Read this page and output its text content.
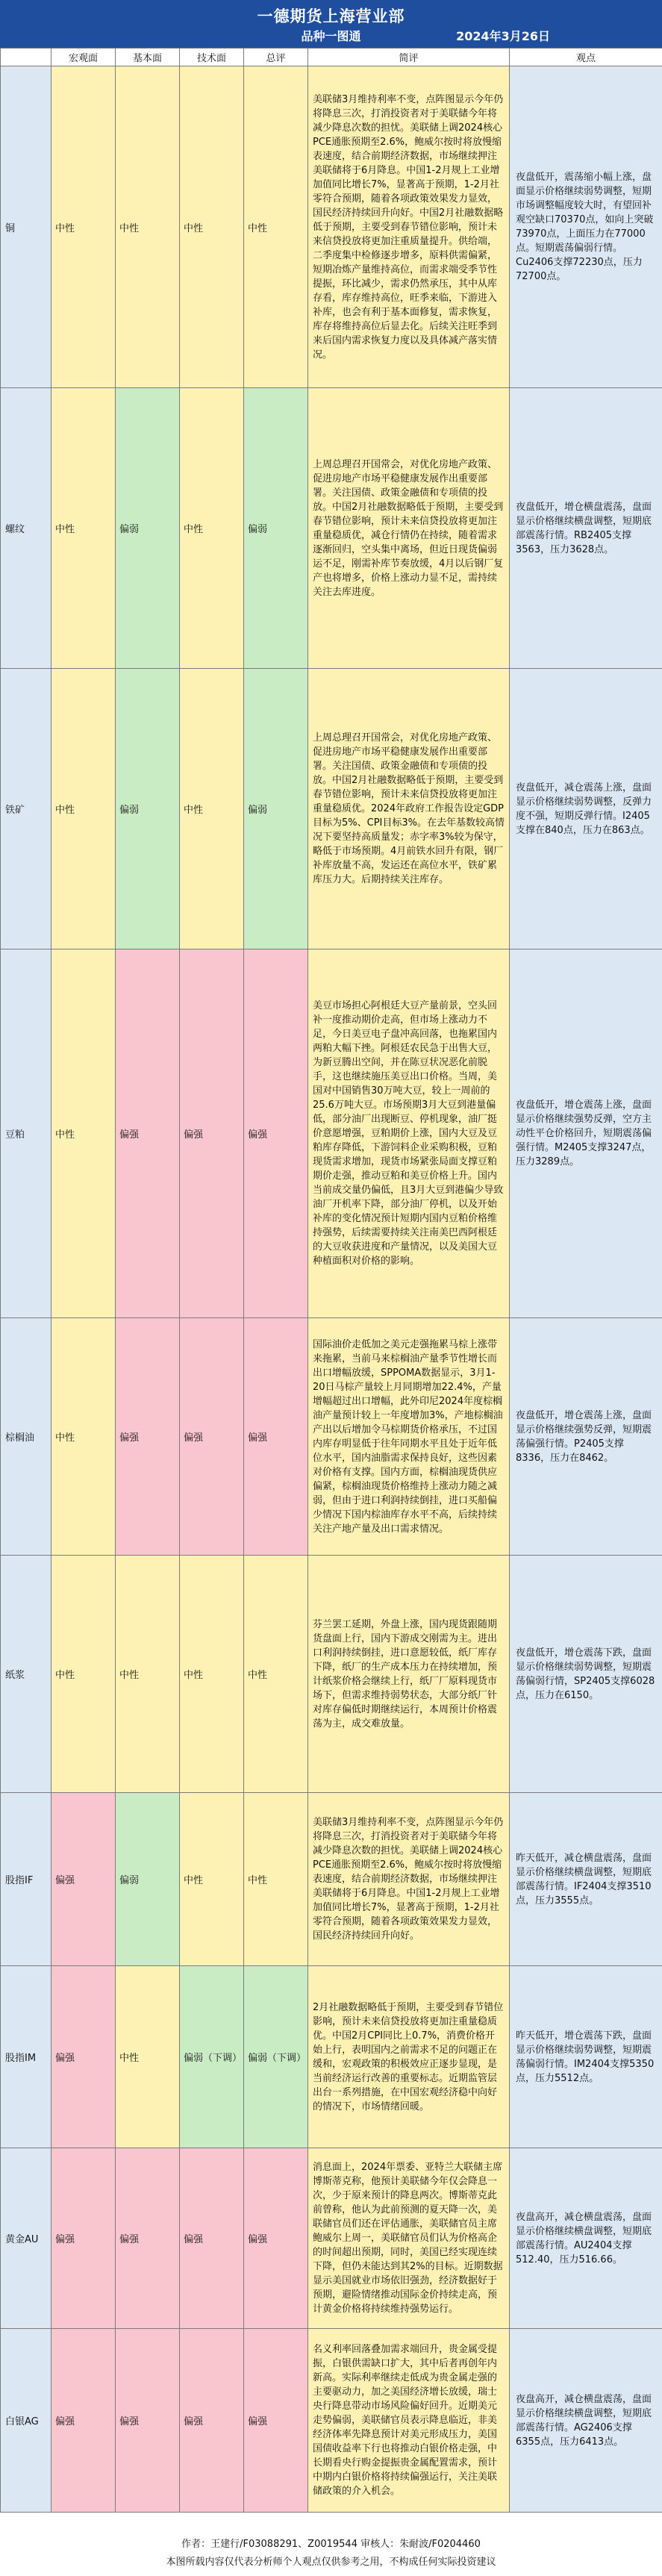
一德期货上海营业部
品种一图通	2024年3月26日
	宏观面	基本面	技术面	总评	简评	观点
铜	中性	中性	中性	中性	美联储3月维持利率不变，点阵图显示今年仍将降息三次，打消投资者对于美联储今年将减少降息次数的担忧。美联储上调2024核心PCE通胀预期至2.6%，鲍威尔按时将放慢缩表速度，结合前期经济数据，市场继续押注美联储将于6月降息。中国1-2月规上工业增加值同比增长7%，显著高于预期，1-2月社零符合预期，随着各项政策效果发力显效，国民经济持续回升向好。中国2月社融数据略低于预期，主要受到春节错位影响，预计未来信贷投放将更加注重质量提升。供给端，二季度集中检修逐步增多，原料供需偏紧，短期冶炼产量维持高位，而需求端受季节性提振，环比减少，需求仍然承压，其中从库存看，库存维持高位，旺季来临，下游进入补库，也会有利于基本面修复，需求恢复，库存将维持高位后显去化。后续关注旺季到来后国内需求恢复力度以及具体减产落实情况。	夜盘低开，震荡缩小幅上涨，盘面显示价格继续弱势调整，短期市场调整幅度较大时，有望回补观空缺口70370点，如向上突破73970点，上面压力在77000点。短期震荡偏弱行情。Cu2406支撑72230点，压力72700点。
螺纹	中性	偏弱	中性	偏弱	上周总理召开国常会，对优化房地产政策、促进房地产市场平稳健康发展作出重要部署。关注国债、政策金融债和专项债的投放。中国2月社融数据略低于预期，主要受到春节错位影响，预计未来信贷投放将更加注重量稳质优，减仓行情仍在持续，随着需求逐渐回归，空头集中离场，但近日现货偏弱运不足，刚需补库节奏放缓，4月以后钢厂复产也将增多，价格上涨动力显不足，需持续关注去库进度。	夜盘低开，增仓横盘震荡，盘面显示价格继续横盘调整，短期底部震荡行情。RB2405支撑3563，压力3628点。
铁矿	中性	偏弱	中性	偏弱	上周总理召开国常会，对优化房地产政策、促进房地产市场平稳健康发展作出重要部署。关注国债、政策金融债和专项债的投放。中国2月社融数据略低于预期，主要受到春节错位影响，预计未来信贷投放将更加注重量稳质优。2024年政府工作报告设定GDP目标为5%、CPI目标3%。在去年基数较高情况下要坚持高质量发；赤字率3%较为保守，略低于市场预期。4月前铁水回升有限，钢厂补库放量不高，发运还在高位水平，铁矿累库压力大。后期持续关注库存。	夜盘低开，减仓震荡上涨，盘面显示价格继续弱势调整，反弹力度不强，短期反弹行情。I2405支撑在840点，压力在863点。
豆粕	中性	偏强	偏强	偏强	美豆市场担心阿根廷大豆产量前景，空头回补一度推动期价走高，但市场上涨动力不足，今日美豆电子盘冲高回落，也拖累国内两粕大幅下挫。阿根廷农民急于出售大豆，为新豆腾出空间，并在陈豆状况恶化前脱手，这也继续施压美豆出口价格。当周，美国对中国销售30万吨大豆，较上一周前的25.6万吨大豆。市场预期3月大豆到港量偏低，部分油厂出现断豆、停机现象，油厂挺价意愿增强，豆粕期价上涨，国内大豆及豆粕库存降低，下游饲料企业采购积极，豆粕现货需求增加，现货市场紧张局面支撑豆粕期价走强，推动豆粕和美豆价格上升。国内当前成交量仍偏低，且3月大豆到港偏少导致油厂开机率下降，部分油厂停机，以及开始补库的变化情况预计短期内国内豆粕价格维持强势，后续需要持续关注南美巴西阿根廷的大豆收获进度和产量情况，以及美国大豆种植面积对价格的影响。	夜盘低开，增仓震荡上涨，盘面显示价格继续强势反弹，空方主动性平仓价格回升，短期震荡偏强行情。M2405支撑3247点，压力3289点。
棕榈油	中性	偏强	偏强	偏强	国际油价走低加之美元走强拖累马棕上涨带来拖累，当前马来棕榈油产量季节性增长而出口增幅放缓，SPPOMA数据显示，3月1-20日马棕产量较上月同期增加22.4%，产量增幅超过出口增幅，此外印尼2024年度棕榈油产量预计较上一年度增加3%，产地棕榈油产出以后增加令马棕期货价格承压，不过国内库存明显低于往年同期水平且处于近年低位水平，国内油脂需求保持良好，这些因素对价格有支撑。国内方面，棕榈油现货供应偏紧，棕榈油现货价格维持上涨动力随之减弱，但由于进口利润持续倒挂，进口买船偏少情况下国内棕油库存水平不高，后续持续关注产地产量及出口需求情况。	夜盘低开，增仓震荡上涨，盘面显示价格继续强势反弹，短期震荡偏强行情。P2405支撑8336，压力在8462。
纸浆	中性	中性	中性	中性	芬兰罢工延期，外盘上涨，国内现货跟随期货盘面上行，国内下游成交刚需为主。进出口利润持续倒挂，进口意愿较低，纸厂库存下降，纸厂的生产成本压力在持续增加，预计纸浆价格会继续上行，纸厂厂原料现货市场下，但需求维持弱势状态，大部分纸厂针对库存偏低时期继续运行，本周预计价格震荡为主，成交难放量。	夜盘低开，增仓震荡下跌，盘面显示价格继续弱势调整，短期震荡偏弱行情，SP2405支撑6028点，压力在6150。
股指IF	偏强	偏弱	中性	中性	美联储3月维持利率不变，点阵图显示今年仍将降息三次，打消投资者对于美联储今年将减少降息次数的担忧。美联储上调2024核心PCE通胀预期至2.6%，鲍威尔按时将放慢缩表速度，结合前期经济数据，市场继续押注美联储将于6月降息。中国1-2月规上工业增加值同比增长7%，显著高于预期，1-2月社零符合预期，随着各项政策效果发力显效，国民经济持续回升向好。	昨天低开，减仓横盘震荡，盘面显示价格继续横盘调整，短期底部震荡行情。IF2404支撑3510点，压力3555点。
股指IM	偏强	中性	偏弱（下调）	偏弱（下调）	2月社融数据略低于预期，主要受到春节错位影响，预计未来信贷投放将更加注重量稳质优。中国2月CPI同比上0.7%，消费价格开始上行，表明国内之前需求不足的问题正在缓和，宏观政策的积极效应正逐步显现，是当前经济运行改善的重要标志。近期监管层出台一系列措施，在中国宏观经济稳中向好的情况下，市场情绪回暖。	昨天低开，增仓震荡下跌，盘面显示价格继续弱势调整，短期震荡偏弱行情。IM2404支撑5350点，压力5512点。
黄金AU	偏强	偏强	偏强	偏强	消息面上，2024年票委、亚特兰大联储主席博斯蒂克称，他预计美联储今年仅会降息一次，少于原来预计的降息两次。博斯蒂克此前曾称，他认为此前预测的夏天降一次，美联储官员们还在评估通胀，美联储官员主席鲍威尔上周一，美联储官员们认为价格高企的时间超出预期，同时，美国已经实现连续下降，但仍未能达到其2%的目标。近期数据显示美国就业市场依旧强劲，经济数据好于预期，避险情绪推动国际金价持续走高，预计黄金价格将持续维持强势运行。	夜盘高开，减仓横盘震荡，盘面显示价格继续横盘调整，短期底部震荡行情。AU2404支撑512.40，压力516.66。
白银AG	偏强	偏强	偏强	偏强	名义利率回落叠加需求端回升，贵金属受提振，白银供需缺口扩大，其中后者再创年内新高。实际利率继续走低成为贵金属走强的主要驱动力，加之美国经济增长放缓，瑞士央行降息带动市场风险偏好回升。近期美元走势偏弱，美联储官员表示降息临近，非美经济体率先降息预计对美元形成压力，美国国债收益率下行也将推动白银价格走强，中长期看央行购金提振贵金属配置需求，预计中期内白银价格将持续偏强运行，关注美联储政策的介入机会。	夜盘高开，减仓横盘震荡，盘面显示价格继续横盘调整，短期底部震荡行情。AG2406支撑6355点，压力6413点。
作者：王建行/F03088291、Z0019544 审核人：朱耐波/F0204460
本图所载内容仅代表分析师个人观点仅供参考之用，不构成任何实际投资建议
